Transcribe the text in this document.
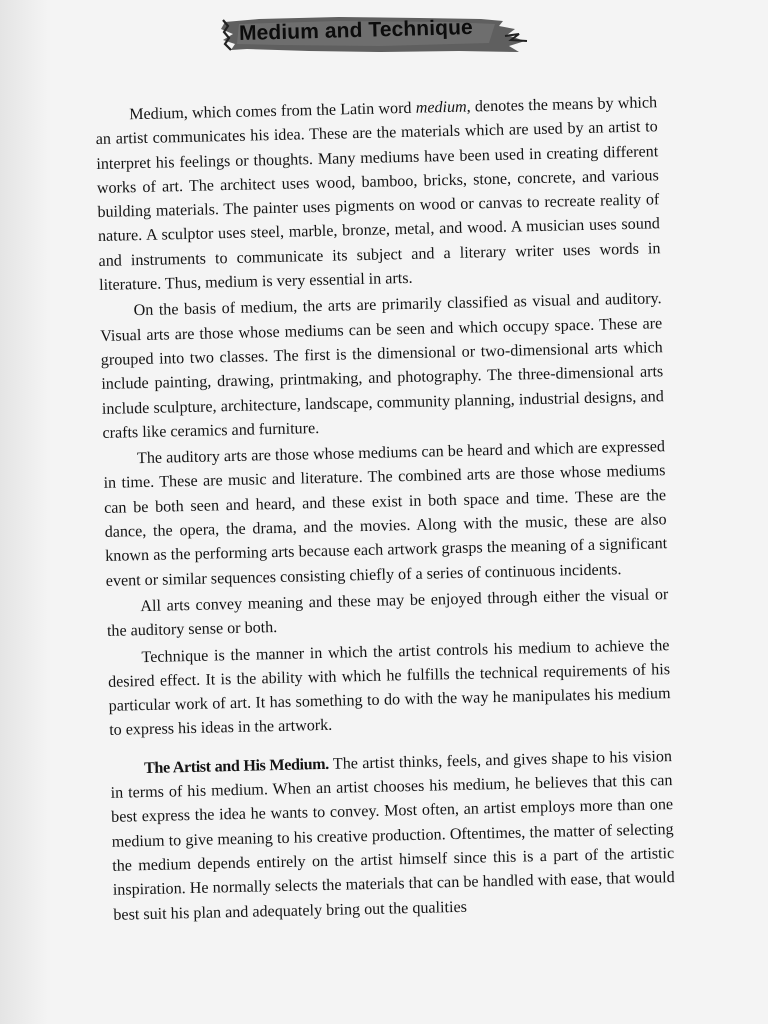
Medium and Technique

Medium, which comes from the Latin word medium, denotes the means by which an artist communicates his idea. These are the materials which are used by an artist to interpret his feelings or thoughts. Many mediums have been used in creating different works of art. The architect uses wood, bamboo, bricks, stone, concrete, and various building materials. The painter uses pigments on wood or canvas to recreate reality of nature. A sculptor uses steel, marble, bronze, metal, and wood. A musician uses sound and instruments to communicate its subject and a literary writer uses words in literature. Thus, medium is very essential in arts.

On the basis of medium, the arts are primarily classified as visual and auditory. Visual arts are those whose mediums can be seen and which occupy space. These are grouped into two classes. The first is the dimensional or two-dimensional arts which include painting, drawing, printmaking, and photography. The three-dimensional arts include sculpture, architecture, landscape, community planning, industrial designs, and crafts like ceramics and furniture.

The auditory arts are those whose mediums can be heard and which are expressed in time. These are music and literature. The combined arts are those whose mediums can be both seen and heard, and these exist in both space and time. These are the dance, the opera, the drama, and the movies. Along with the music, these are also known as the performing arts because each artwork grasps the meaning of a significant event or similar sequences consisting chiefly of a series of continuous incidents.

All arts convey meaning and these may be enjoyed through either the visual or the auditory sense or both.

Technique is the manner in which the artist controls his medium to achieve the desired effect. It is the ability with which he fulfills the technical requirements of his particular work of art. It has something to do with the way he manipulates his medium to express his ideas in the artwork.

The Artist and His Medium. The artist thinks, feels, and gives shape to his vision in terms of his medium. When an artist chooses his medium, he believes that this can best express the idea he wants to convey. Most often, an artist employs more than one medium to give meaning to his creative production. Oftentimes, the matter of selecting the medium depends entirely on the artist himself since this is a part of the artistic inspiration. He normally selects the materials that can be handled with ease, that would best suit his plan and adequately bring out the qualities
